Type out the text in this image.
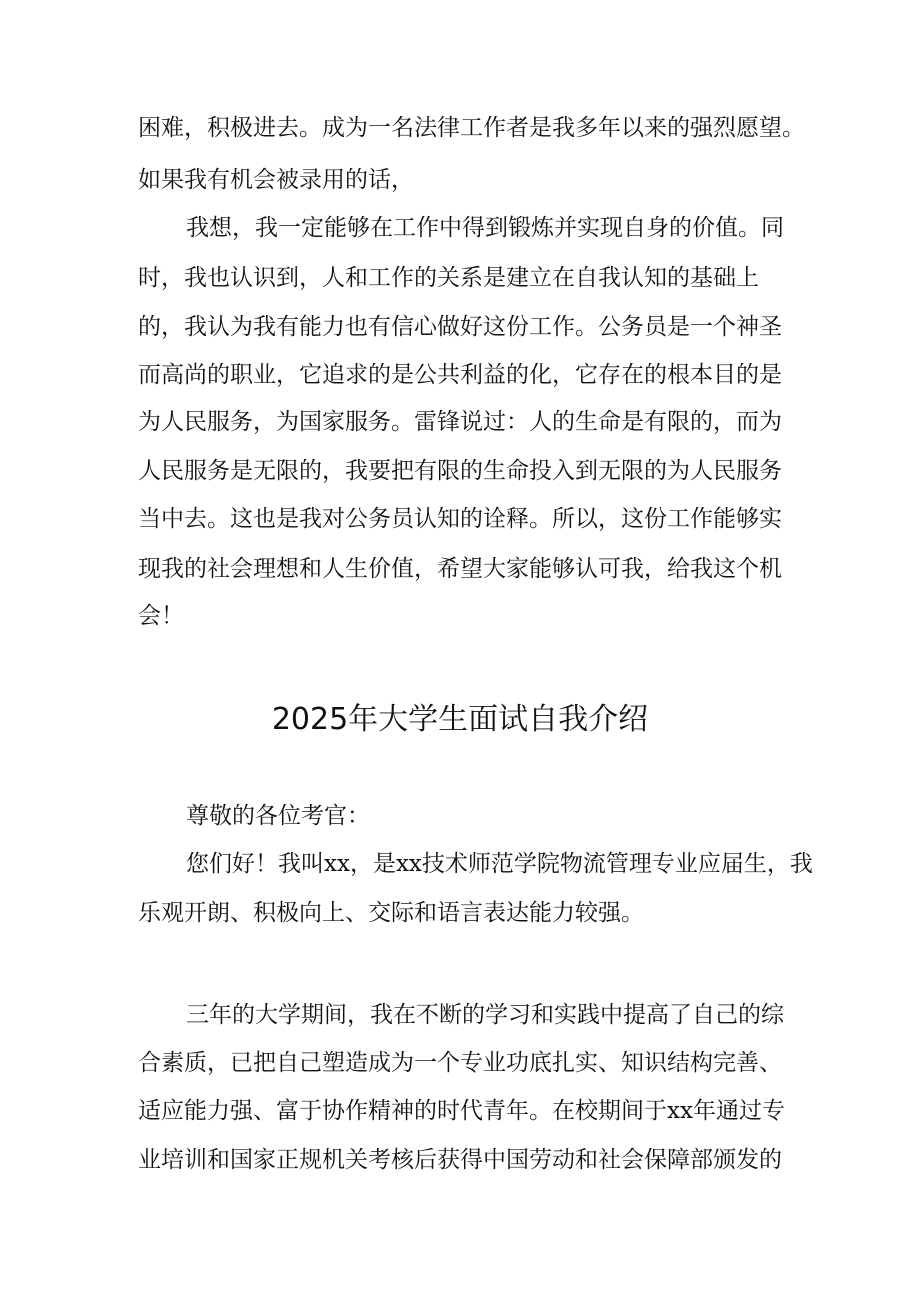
困难，积极进去。成为一名法律工作者是我多年以来的强烈愿望。
如果我有机会被录用的话，
我想，我一定能够在工作中得到锻炼并实现自身的价值。同
时，我也认识到，人和工作的关系是建立在自我认知的基础上
的，我认为我有能力也有信心做好这份工作。公务员是一个神圣
而高尚的职业，它追求的是公共利益的化，它存在的根本目的是
为人民服务，为国家服务。雷锋说过：人的生命是有限的，而为
人民服务是无限的，我要把有限的生命投入到无限的为人民服务
当中去。这也是我对公务员认知的诠释。所以，这份工作能够实
现我的社会理想和人生价值，希望大家能够认可我，给我这个机
会！
2025年大学生面试自我介绍
尊敬的各位考官：
您们好！我叫xx，是xx技术师范学院物流管理专业应届生，我
乐观开朗、积极向上、交际和语言表达能力较强。
三年的大学期间，我在不断的学习和实践中提高了自己的综
合素质，已把自己塑造成为一个专业功底扎实、知识结构完善、
适应能力强、富于协作精神的时代青年。在校期间于xx年通过专
业培训和国家正规机关考核后获得中国劳动和社会保障部颁发的
